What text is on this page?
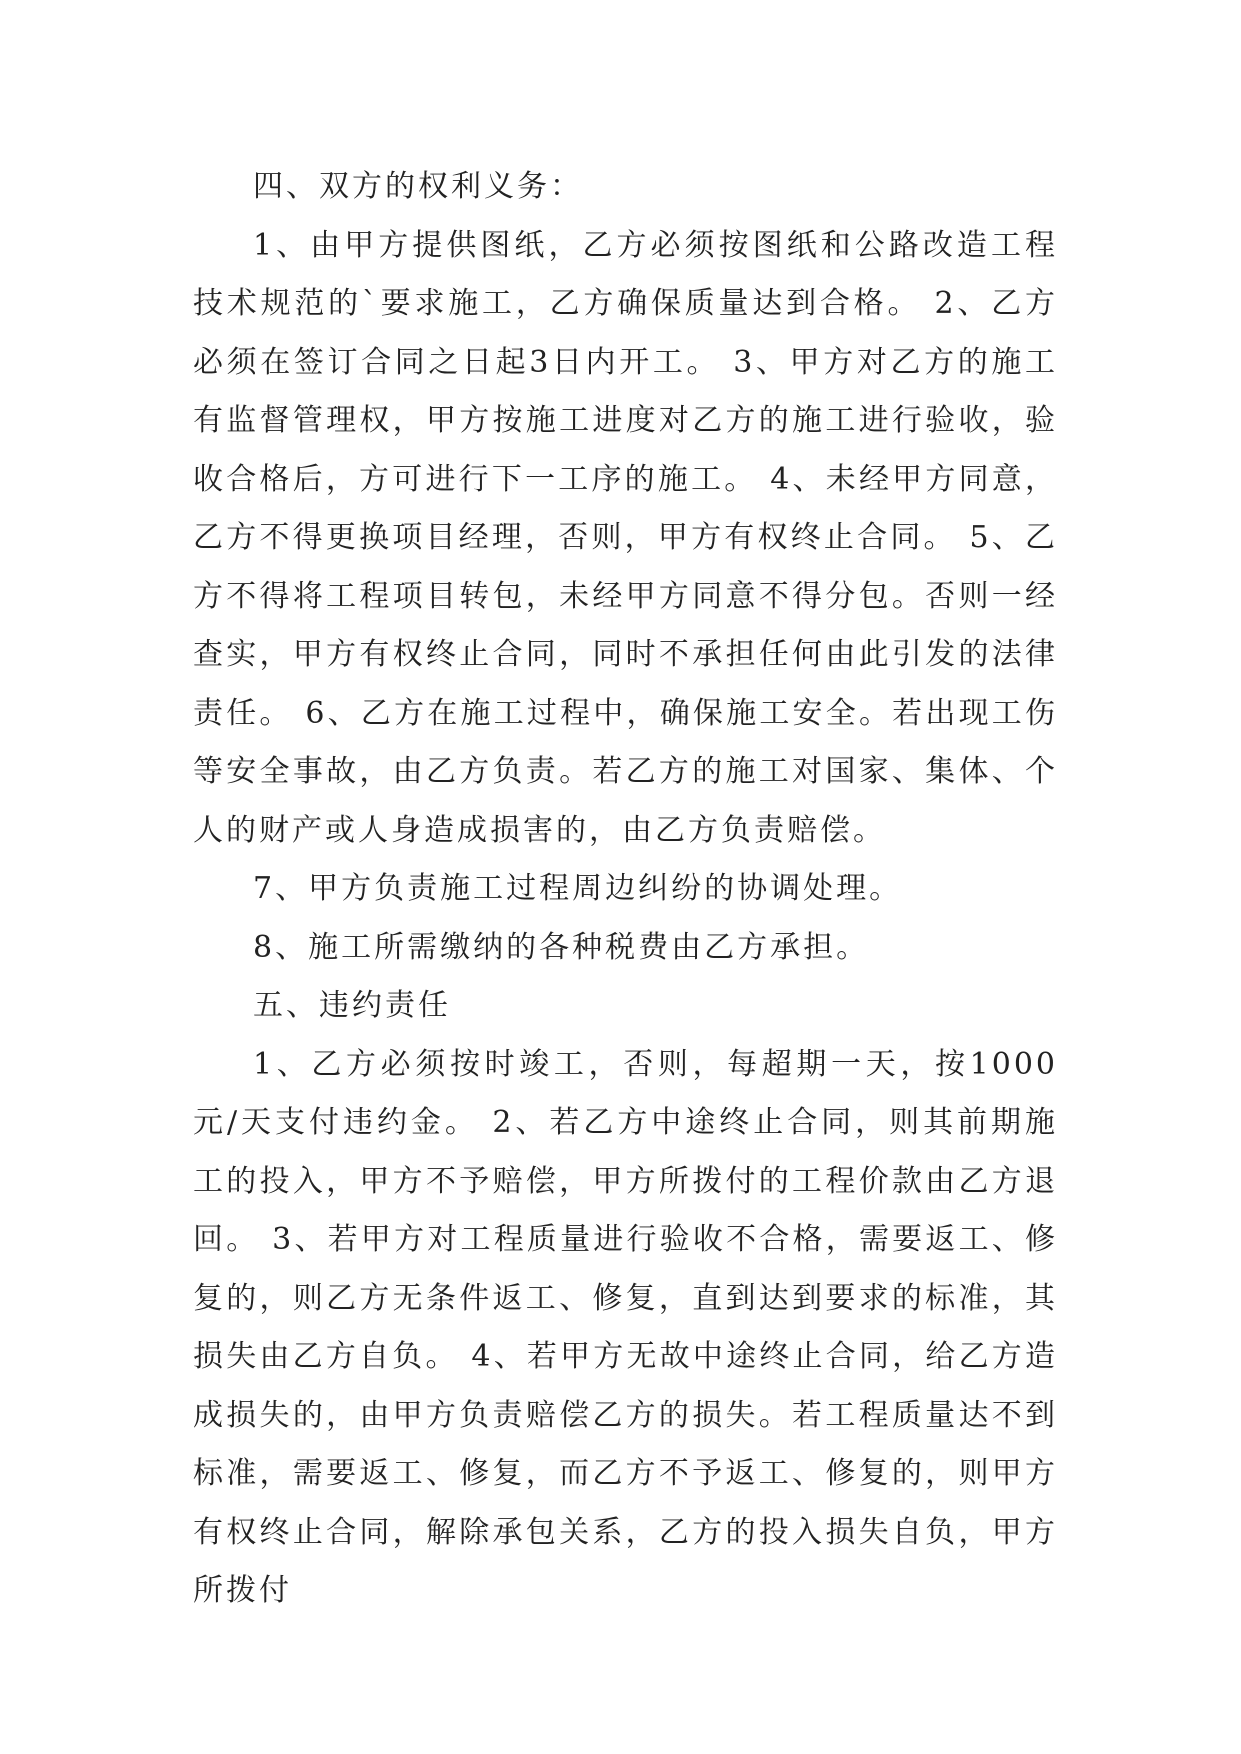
四、双方的权利义务：

1、由甲方提供图纸，乙方必须按图纸和公路改造工程技术规范的`要求施工，乙方确保质量达到合格。 2、乙方必须在签订合同之日起3日内开工。 3、甲方对乙方的施工有监督管理权，甲方按施工进度对乙方的施工进行验收，验收合格后，方可进行下一工序的施工。 4、未经甲方同意，乙方不得更换项目经理，否则，甲方有权终止合同。 5、乙方不得将工程项目转包，未经甲方同意不得分包。否则一经查实，甲方有权终止合同，同时不承担任何由此引发的法律责任。 6、乙方在施工过程中，确保施工安全。若出现工伤等安全事故，由乙方负责。若乙方的施工对国家、集体、个人的财产或人身造成损害的，由乙方负责赔偿。

7、甲方负责施工过程周边纠纷的协调处理。

8、施工所需缴纳的各种税费由乙方承担。

五、违约责任

1、乙方必须按时竣工，否则，每超期一天，按1000元/天支付违约金。 2、若乙方中途终止合同，则其前期施工的投入，甲方不予赔偿，甲方所拨付的工程价款由乙方退回。 3、若甲方对工程质量进行验收不合格，需要返工、修复的，则乙方无条件返工、修复，直到达到要求的标准，其损失由乙方自负。 4、若甲方无故中途终止合同，给乙方造成损失的，由甲方负责赔偿乙方的损失。若工程质量达不到标准，需要返工、修复，而乙方不予返工、修复的，则甲方有权终止合同，解除承包关系，乙方的投入损失自负，甲方所拨付
